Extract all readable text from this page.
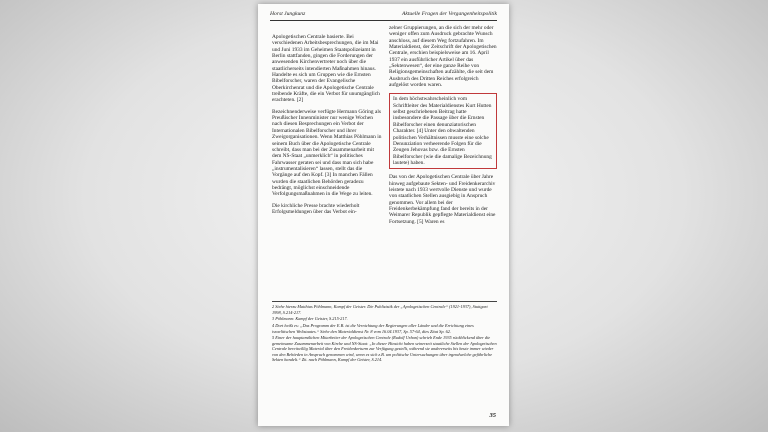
Horst Jungkunz	Aktuelle Fragen der Vergangenheitspolitik

Apologetischen Centrale basierte. Bei verschiedenen Arbeitsbesprechungen, die im Mai und Juni 1933 im Geheimen Staatspolizeiamt in Berlin stattfanden, gingen die Forderungen der anwesenden Kirchenvertreter noch über die staatlicherseits intendierten Maßnahmen hinaus. Handelte es sich um Gruppen wie die Ernsten Bibelforscher, waren der Evangelische Oberkirchenrat und die Apologetische Centrale treibende Kräfte, die ein Verbot für unumgänglich erachteten. [2]

Bezeichnenderweise verfügte Hermann Göring als Preußischer Innenminister nur wenige Wochen nach diesen Besprechungen ein Verbot der Internationalen Bibelforscher und ihrer Zweigorganisationen. Wenn Matthias Pöhlmann in seinem Buch über die Apologetische Centrale schreibt, dass man bei der Zusammenarbeit mit dem NS-Staat „unmerklich“ in politisches Fahrwasser geraten sei und dass man sich habe „instrumentalisieren“ lassen, stellt das die Vorgänge auf den Kopf. [3] In manchen Fällen wurden die staatlichen Behörden geradezu bedrängt, möglichst einschneidende Verfolgungsmaßnahmen in die Wege zu leiten.

Die kirchliche Presse brachte wiederholt Erfolgsmeldungen über das Verbot ein-

zelner Gruppierungen, an die sich der mehr oder weniger offen zum Ausdruck gebrachte Wunsch anschloss, auf diesem Weg fortzufahren. Im Materialdienst, der Zeitschrift der Apologetischen Centrale, erschien beispielsweise am 16. April 1937 ein ausführlicher Artikel über das „Sektenwesen“, der eine ganze Reihe von Religionsgemeinschaften aufzählte, die seit dem Ausbruch des Dritten Reiches erfolgreich aufgelöst worden waren.

In dem höchstwahrscheinlich vom Schriftleiter des Materialdienstes Kurt Hutten selbst geschriebenen Beitrag hatte insbesondere die Passage über die Ernsten Bibelforscher einen denunziatorischen Charakter. [4] Unter den obwaltenden politischen Verhältnissen musste eine solche Denunziation verheerende Folgen für die Zeugen Jehovas bzw. die Ernsten Bibelforscher (wie die damalige Bezeichnung lautete) haben.

Das von der Apologetischen Centrale über Jahre hinweg aufgebaute Sekten- und Freidenkerarchiv leistete nach 1933 wertvolle Dienste und wurde von staatlichen Stellen ausgiebig in Anspruch genommen. Vor allem bei der Freidenkerbekämpfung fand der bereits in der Weimarer Republik gepflegte Materialdienst eine Fortsetzung. [5] Waren es

2 Siehe hierzu Matthias Pöhlmann, Kampf der Geister. Die Publizistik der „Apologetischen Centrale“ (1921-1937), Stuttgart 1998, S.214-217.

3 Pöhlmann: Kampf der Geister, S.215-217.

4 Dort heißt es: „Das Programm der E.B. ist die Vernichtung der Regierungen aller Länder und die Errichtung eines israelitischen Weltstaates.“ Siehe den Materialdienst Nr. 8 vom 16.04.1937, Sp. 57-64, dies Zitat Sp. 62.

5 Einer der hauptamtlichen Mitarbeiter der Apologetischen Centrale (Rudolf Urban) schrieb Ende 1935 rückblickend über die gemeinsame Zusammenarbeit von Kirche und NS-Staat: „In dieser Hinsicht haben seinerzeit staatliche Stellen der Apologetischen Centrale bereitwillig Material über den Freidenkerturm zur Verfügung gestellt, während sie andererseits bis heute immer wieder von den Behörden in Anspruch genommen wird, wenn es sich z.B. um politische Untersuchungen über irgendwelche gefährliche Sekten handelt.“ Zit. nach Pöhlmann, Kampf der Geister, S.214.

35
